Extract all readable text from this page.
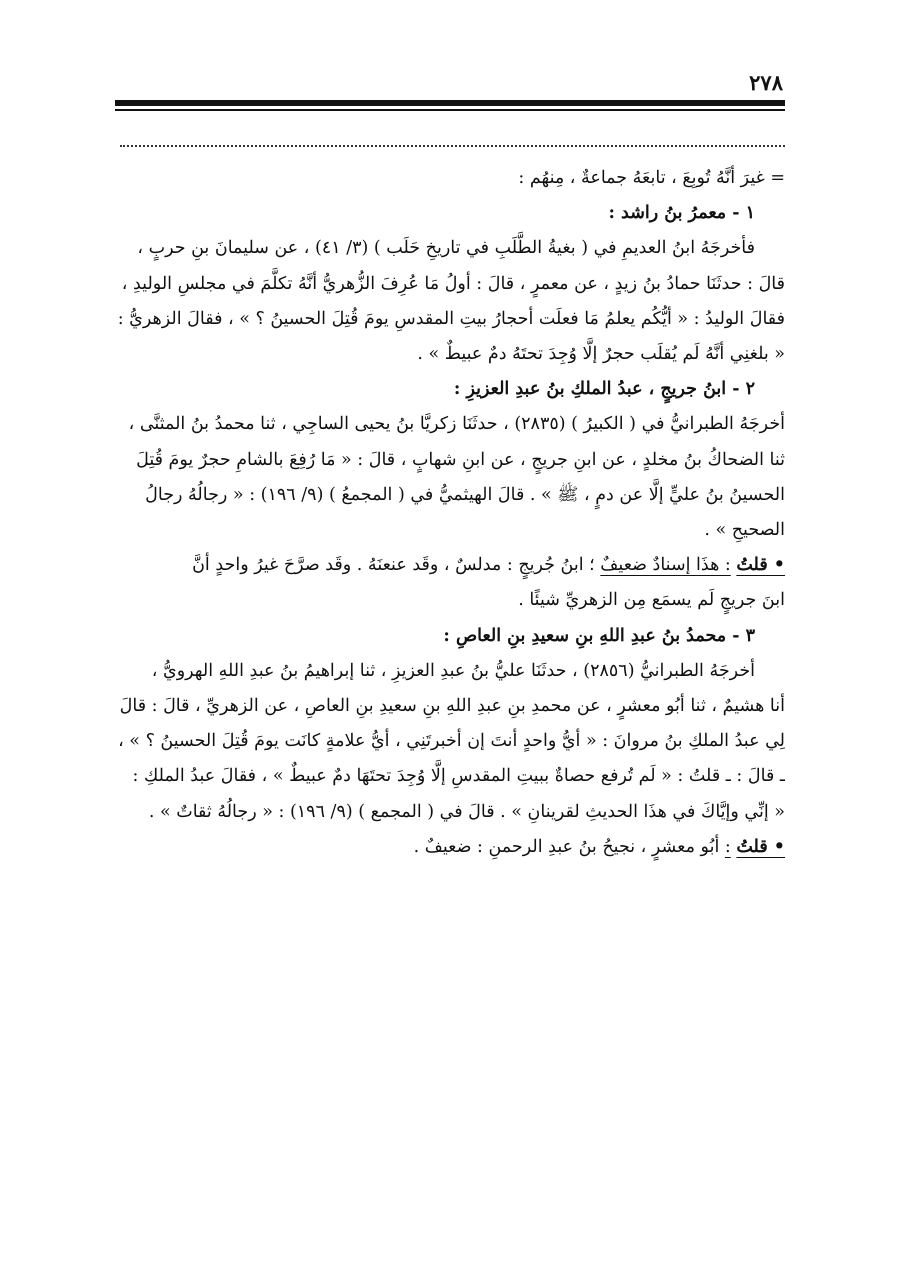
٢٧٨
= غيرَ أنَّهُ تُوبِعَ ، تابعَهُ جماعةٌ ، مِنهُم :
١ - معمرُ بنُ راشد :
فأخرجَهُ ابنُ العديمِ في ( بغيةُ الطَّلَبِ في تاريخِ حَلَب ) (٣/ ٤١) ، عن سليمانَ بنِ حربٍ ،
قالَ : حدثَنَا حمادُ بنُ زيدٍ ، عن معمرٍ ، قالَ : أولُ مَا عُرِفَ الزُّهريُّ أنَّهُ تكلَّمَ في مجلسِ الوليدِ ،
فقالَ الوليدُ : « أيُّكُم يعلمُ مَا فعلَت أحجارُ بيتِ المقدسِ يومَ قُتِلَ الحسينُ ؟ » ، فقالَ الزهريُّ :
« بلغنِي أنَّهُ لَم يُقلَب حجرٌ إلَّا وُجِدَ تحتَهُ دمٌ عبيطٌ » .
٢ - ابنُ جريجٍ ، عبدُ الملكِ بنُ عبدِ العزيزِ :
أخرجَهُ الطبرانيُّ في ( الكبيرُ ) (٢٨٣٥) ، حدثَنَا زكريَّا بنُ يحيى الساجِي ، ثنا محمدُ بنُ المثنَّى ،
ثنا الضحاكُ بنُ مخلدٍ ، عن ابنِ جريجٍ ، عن ابنِ شهابٍ ، قالَ : « مَا رُفِعَ بالشامِ حجرٌ يومَ قُتِلَ
الحسينُ بنُ عليٍّ إلَّا عن دمٍ ، ﷺ » . قالَ الهيثميُّ في ( المجمعُ ) (٩/ ١٩٦) : « رجالُهُ رجالُ
الصحيحِ » .
• قلتُ : هذَا إسنادٌ ضعيفٌ ؛ ابنُ جُريجٍ : مدلسٌ ، وقَد عنعنَهُ . وقَد صرَّحَ غيرُ واحدٍ أنَّ
ابنَ جريجٍ لَم يسمَع مِن الزهريِّ شيئًا .
٣ - محمدُ بنُ عبدِ اللهِ بنِ سعيدِ بنِ العاصِ :
أخرجَهُ الطبرانيُّ (٢٨٥٦) ، حدثَنَا عليُّ بنُ عبدِ العزيزِ ، ثنا إبراهيمُ بنُ عبدِ اللهِ الهرويُّ ،
أنا هشيمٌ ، ثنا أبُو معشرٍ ، عن محمدِ بنِ عبدِ اللهِ بنِ سعيدِ بنِ العاصِ ، عن الزهريِّ ، قالَ : قالَ
لِي عبدُ الملكِ بنُ مروانَ : « أيُّ واحدٍ أنتَ إن أخبرتَنِي ، أيُّ علامةٍ كانَت يومَ قُتِلَ الحسينُ ؟ » ،
ـ قالَ : ـ قلتُ : « لَم تُرفع حصاةٌ ببيتِ المقدسِ إلَّا وُجِدَ تحتَهَا دمٌ عبيطٌ » ، فقالَ عبدُ الملكِ :
« إنِّي وإيَّاكَ في هذَا الحديثِ لقرينانِ » . قالَ في ( المجمع ) (٩/ ١٩٦) : « رجالُهُ ثقاتٌ » .
• قلتُ : أبُو معشرٍ ، نجيحُ بنُ عبدِ الرحمنِ : ضعيفٌ .
